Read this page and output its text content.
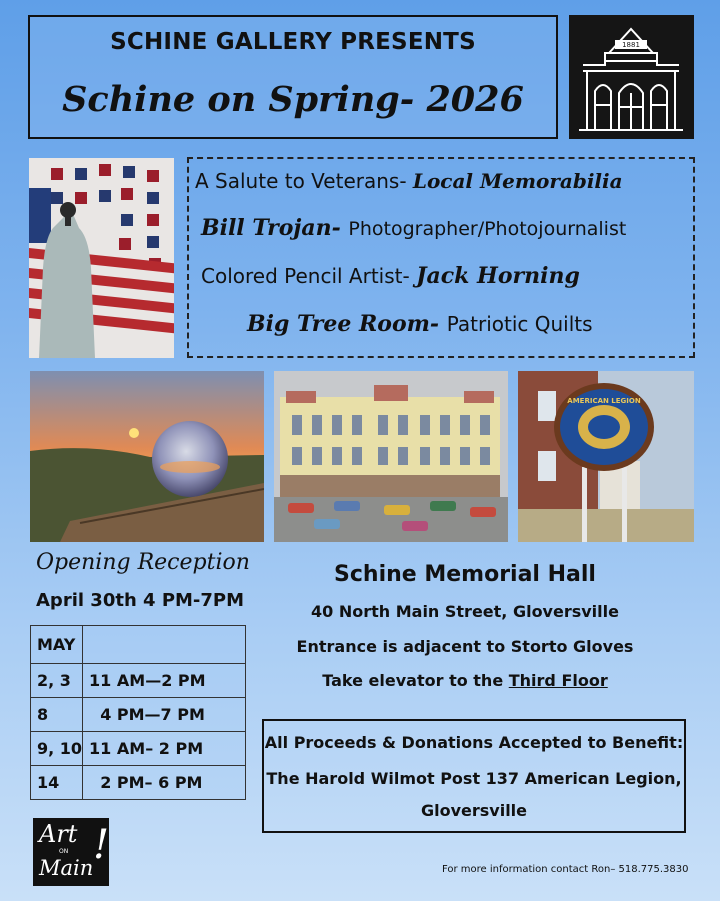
SCHINE GALLERY PRESENTS
Schine on Spring- 2026
1881
A Salute to Veterans- Local Memorabilia
Bill Trojan- Photographer/Photojournalist
Colored Pencil Artist- Jack Horning
Big Tree Room- Patriotic Quilts
AMERICAN LEGION
Opening Reception
April 30th 4 PM-7PM
MAY	
2, 3	11 AM—2 PM
8	4 PM—7 PM
9, 10	11 AM– 2 PM
14	2 PM– 6 PM
Schine Memorial Hall
40 North Main Street, Gloversville
Entrance is adjacent to Storto Gloves
Take elevator to the Third Floor
All Proceeds & Donations Accepted to Benefit:
The Harold Wilmot Post 137 American Legion,
Gloversville
Art
ON
Main !
For more information contact Ron– 518.775.3830
